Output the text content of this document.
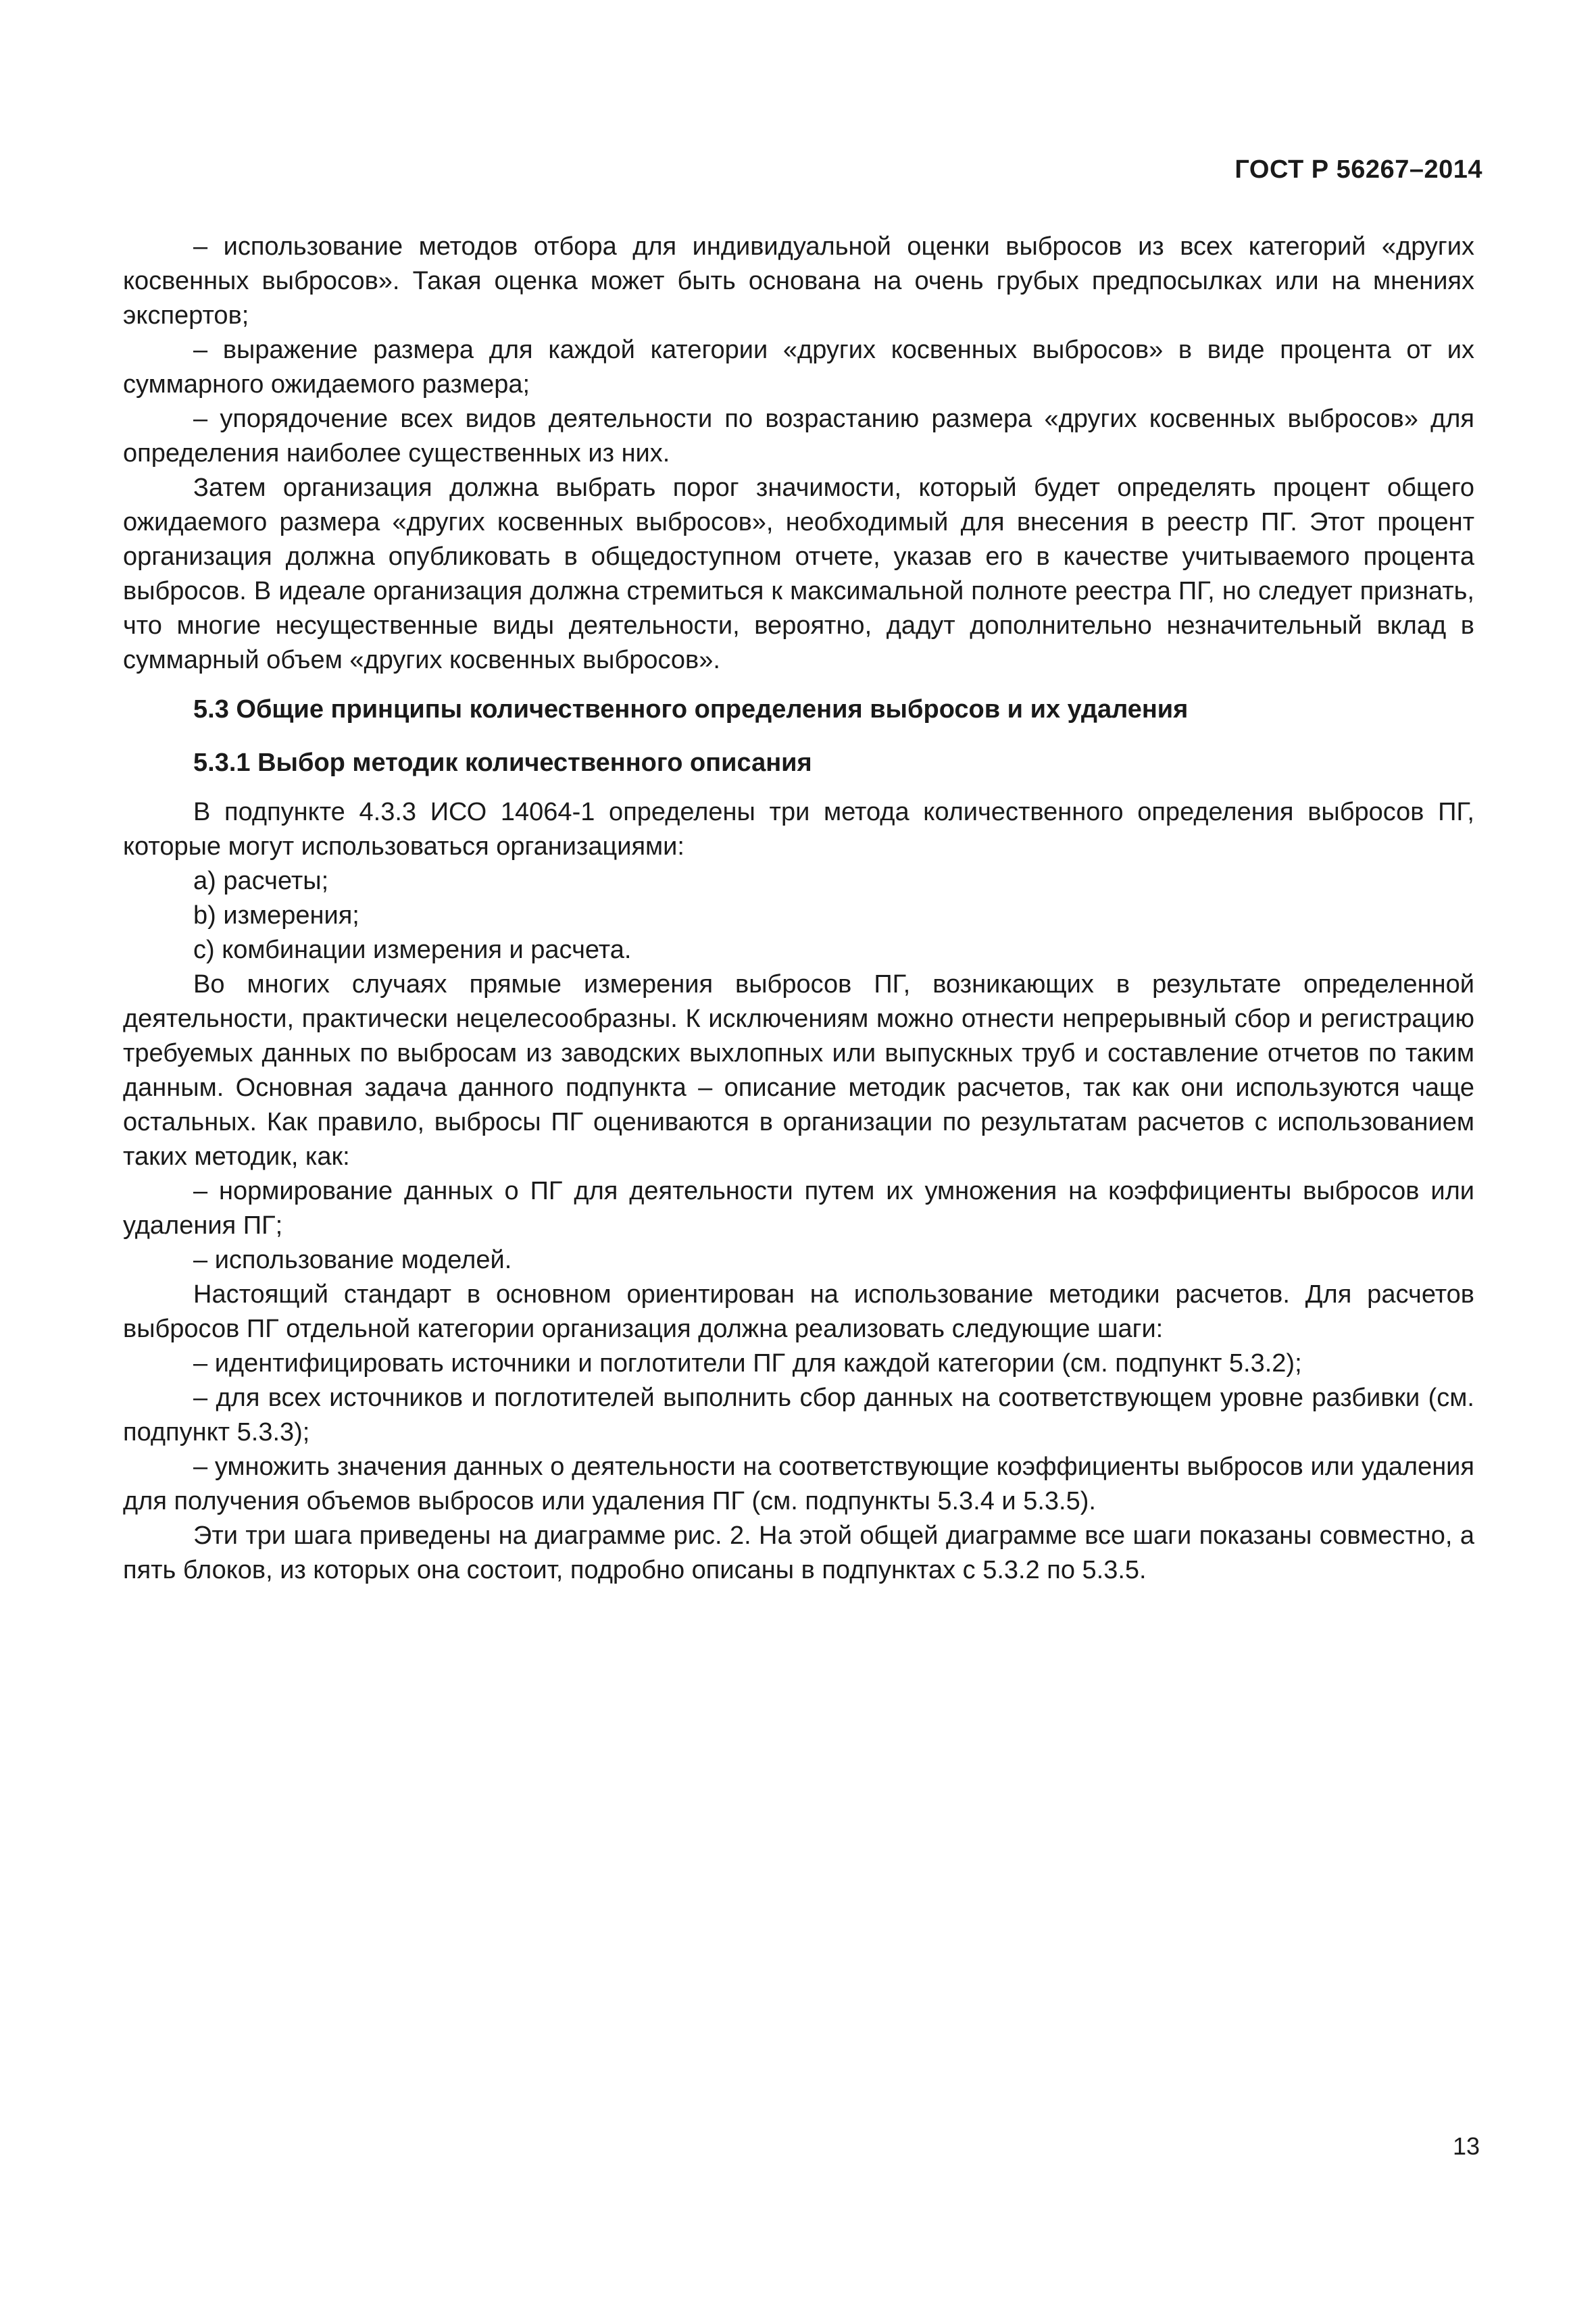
ГОСТ Р 56267–2014

– использование методов отбора для индивидуальной оценки выбросов из всех категорий «других косвенных выбросов». Такая оценка может быть основана на очень грубых предпосылках или на мнениях экспертов;

– выражение размера для каждой категории «других косвенных выбросов» в виде процента от их суммарного ожидаемого размера;

– упорядочение всех видов деятельности по возрастанию размера «других косвенных выбросов» для определения наиболее существенных из них.

Затем организация должна выбрать порог значимости, который будет определять процент общего ожидаемого размера «других косвенных выбросов», необходимый для внесения в реестр ПГ. Этот процент организация должна опубликовать в общедоступном отчете, указав его в качестве учитываемого процента выбросов. В идеале организация должна стремиться к максимальной полноте реестра ПГ, но следует признать, что многие несущественные виды деятельности, вероятно, дадут дополнительно незначительный вклад в суммарный объем «других косвенных выбросов».

5.3 Общие принципы количественного определения выбросов и их удаления
5.3.1 Выбор методик количественного описания

В подпункте 4.3.3 ИСО 14064-1 определены три метода количественного определения выбросов ПГ, которые могут использоваться организациями:

a) расчеты;

b) измерения;

c) комбинации измерения и расчета.

Во многих случаях прямые измерения выбросов ПГ, возникающих в результате определенной деятельности, практически нецелесообразны. К исключениям можно отнести непрерывный сбор и регистрацию требуемых данных по выбросам из заводских выхлопных или выпускных труб и составление отчетов по таким данным. Основная задача данного подпункта – описание методик расчетов, так как они используются чаще остальных. Как правило, выбросы ПГ оцениваются в организации по результатам расчетов с использованием таких методик, как:

– нормирование данных о ПГ для деятельности путем их умножения на коэффициенты выбросов или удаления ПГ;

– использование моделей.

Настоящий стандарт в основном ориентирован на использование методики расчетов. Для расчетов выбросов ПГ отдельной категории организация должна реализовать следующие шаги:

– идентифицировать источники и поглотители ПГ для каждой категории (см. подпункт 5.3.2);

– для всех источников и поглотителей выполнить сбор данных на соответствующем уровне разбивки (см. подпункт 5.3.3);

– умножить значения данных о деятельности на соответствующие коэффициенты выбросов или удаления для получения объемов выбросов или удаления ПГ (см. подпункты 5.3.4 и 5.3.5).

Эти три шага приведены на диаграмме рис. 2. На этой общей диаграмме все шаги показаны совместно, а пять блоков, из которых она состоит, подробно описаны в подпунктах с 5.3.2 по 5.3.5.

13
